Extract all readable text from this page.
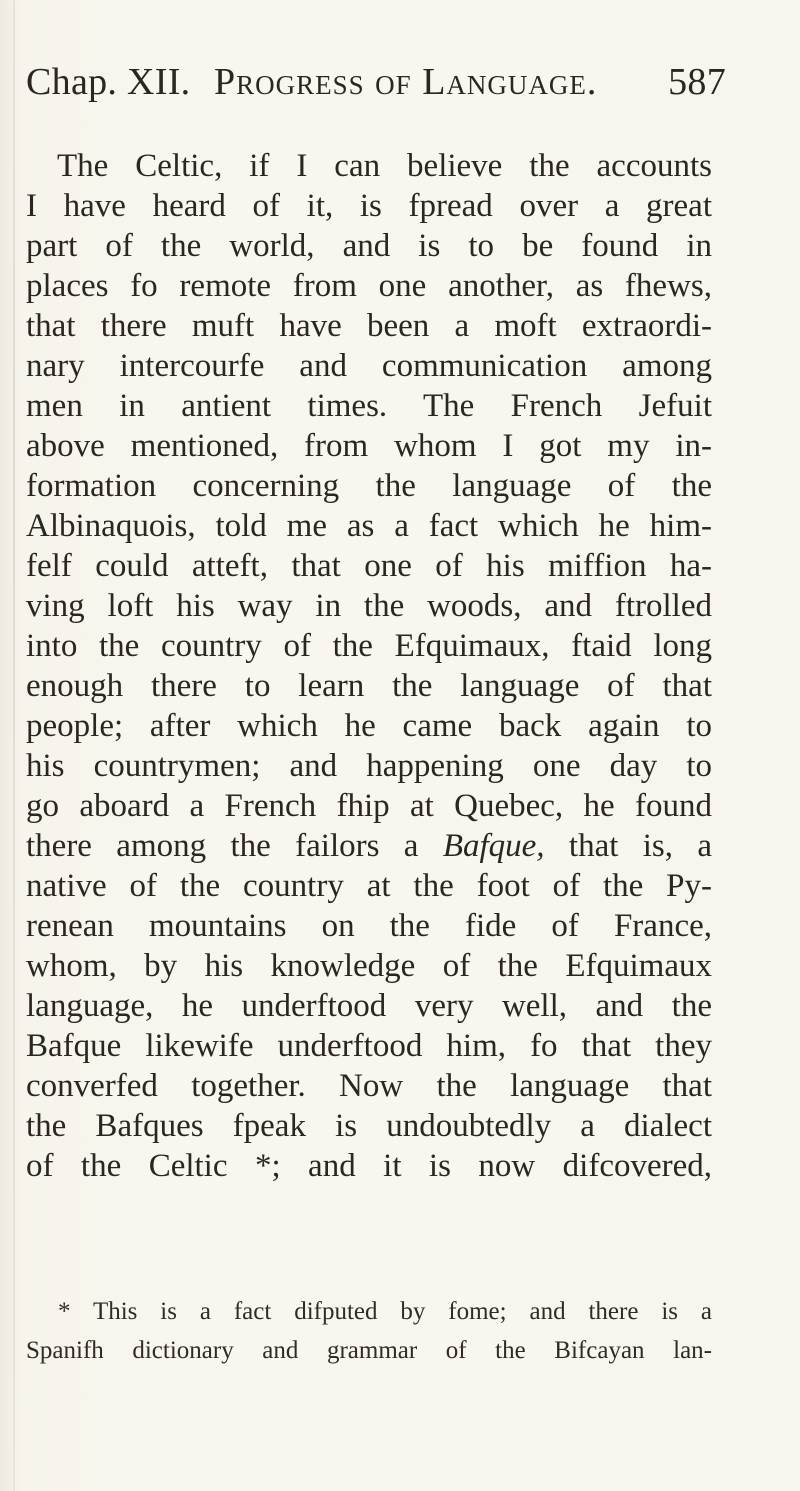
Chap. XII. Progress of Language. 587
The Celtic, if I can believe the accounts
I have heard of it, is fpread over a great
part of the world, and is to be found in
places fo remote from one another, as fhews,
that there muft have been a moft extraordi-
nary intercourfe and communication among
men in antient times. The French Jefuit
above mentioned, from whom I got my in-
formation concerning the language of the
Albinaquois, told me as a fact which he him-
felf could atteft, that one of his miffion ha-
ving loft his way in the woods, and ftrolled
into the country of the Efquimaux, ftaid long
enough there to learn the language of that
people; after which he came back again to
his countrymen; and happening one day to
go aboard a French fhip at Quebec, he found
there among the failors a Bafque, that is, a
native of the country at the foot of the Py-
renean mountains on the fide of France,
whom, by his knowledge of the Efquimaux
language, he underftood very well, and the
Bafque likewife underftood him, fo that they
converfed together. Now the language that
the Bafques fpeak is undoubtedly a dialect
of the Celtic *; and it is now difcovered,
* This is a fact difputed by fome; and there is a
Spanifh dictionary and grammar of the Bifcayan lan-
